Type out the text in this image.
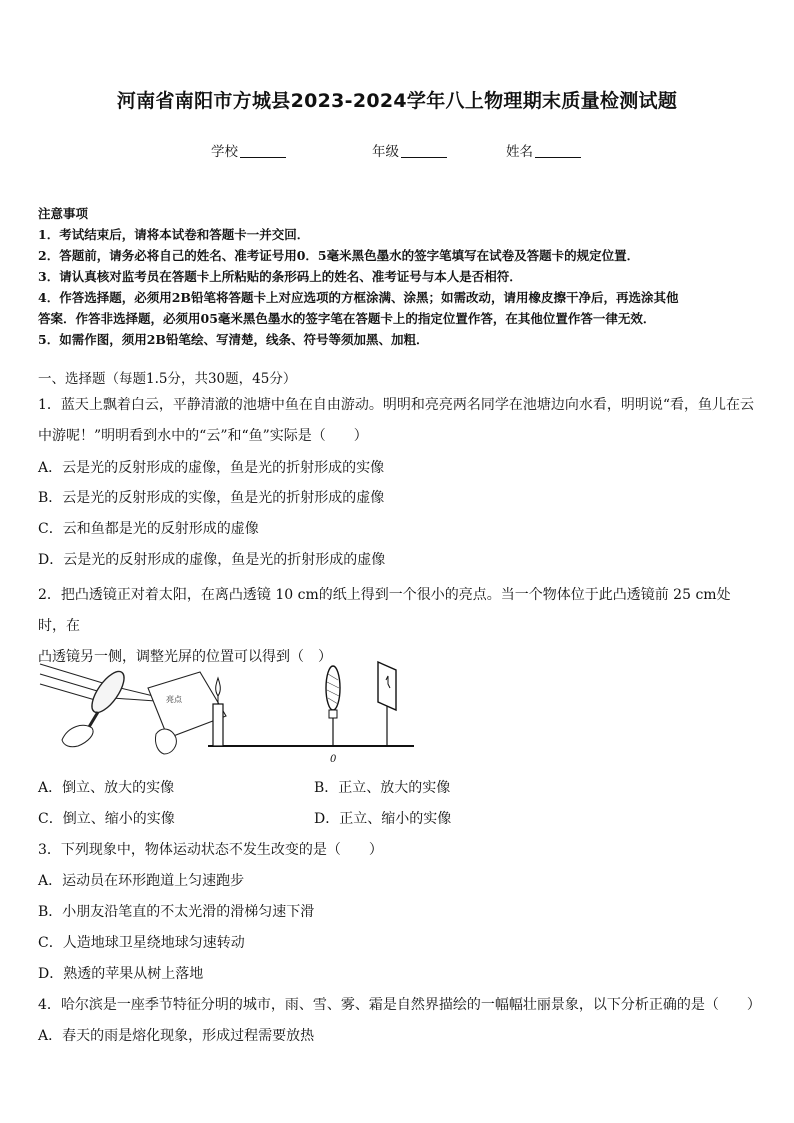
河南省南阳市方城县2023-2024学年八上物理期末质量检测试题
学校	年级	姓名
注意事项
1．考试结束后，请将本试卷和答题卡一并交回．
2．答题前，请务必将自己的姓名、准考证号用0．5毫米黑色墨水的签字笔填写在试卷及答题卡的规定位置．
3．请认真核对监考员在答题卡上所粘贴的条形码上的姓名、准考证号与本人是否相符．
4．作答选择题，必须用2B铅笔将答题卡上对应选项的方框涂满、涂黑；如需改动，请用橡皮擦干净后，再选涂其他
答案．作答非选择题，必须用05毫米黑色墨水的签字笔在答题卡上的指定位置作答，在其他位置作答一律无效．
5．如需作图，须用2B铅笔绘、写清楚，线条、符号等须加黑、加粗．
一、选择题（每题1.5分，共30题，45分）
1．蓝天上飘着白云，平静清澈的池塘中鱼在自由游动。明明和亮亮两名同学在池塘边向水看，明明说“看，鱼儿在云
中游呢！”明明看到水中的“云”和“鱼”实际是（　　）
A．云是光的反射形成的虚像，鱼是光的折射形成的实像
B．云是光的反射形成的实像，鱼是光的折射形成的虚像
C．云和鱼都是光的反射形成的虚像
D．云是光的反射形成的虚像，鱼是光的折射形成的虚像
2．把凸透镜正对着太阳，在离凸透镜 10 cm的纸上得到一个很小的亮点。当一个物体位于此凸透镜前 25 cm处时，在
凸透镜另一侧，调整光屏的位置可以得到（　）
亮点
0
A．倒立、放大的实像	B．正立、放大的实像
C．倒立、缩小的实像	D．正立、缩小的实像
3．下列现象中，物体运动状态不发生改变的是（　　）
A．运动员在环形跑道上匀速跑步
B．小朋友沿笔直的不太光滑的滑梯匀速下滑
C．人造地球卫星绕地球匀速转动
D．熟透的苹果从树上落地
4．哈尔滨是一座季节特征分明的城市，雨、雪、雾、霜是自然界描绘的一幅幅壮丽景象，以下分析正确的是（　　）
A．春天的雨是熔化现象，形成过程需要放热
